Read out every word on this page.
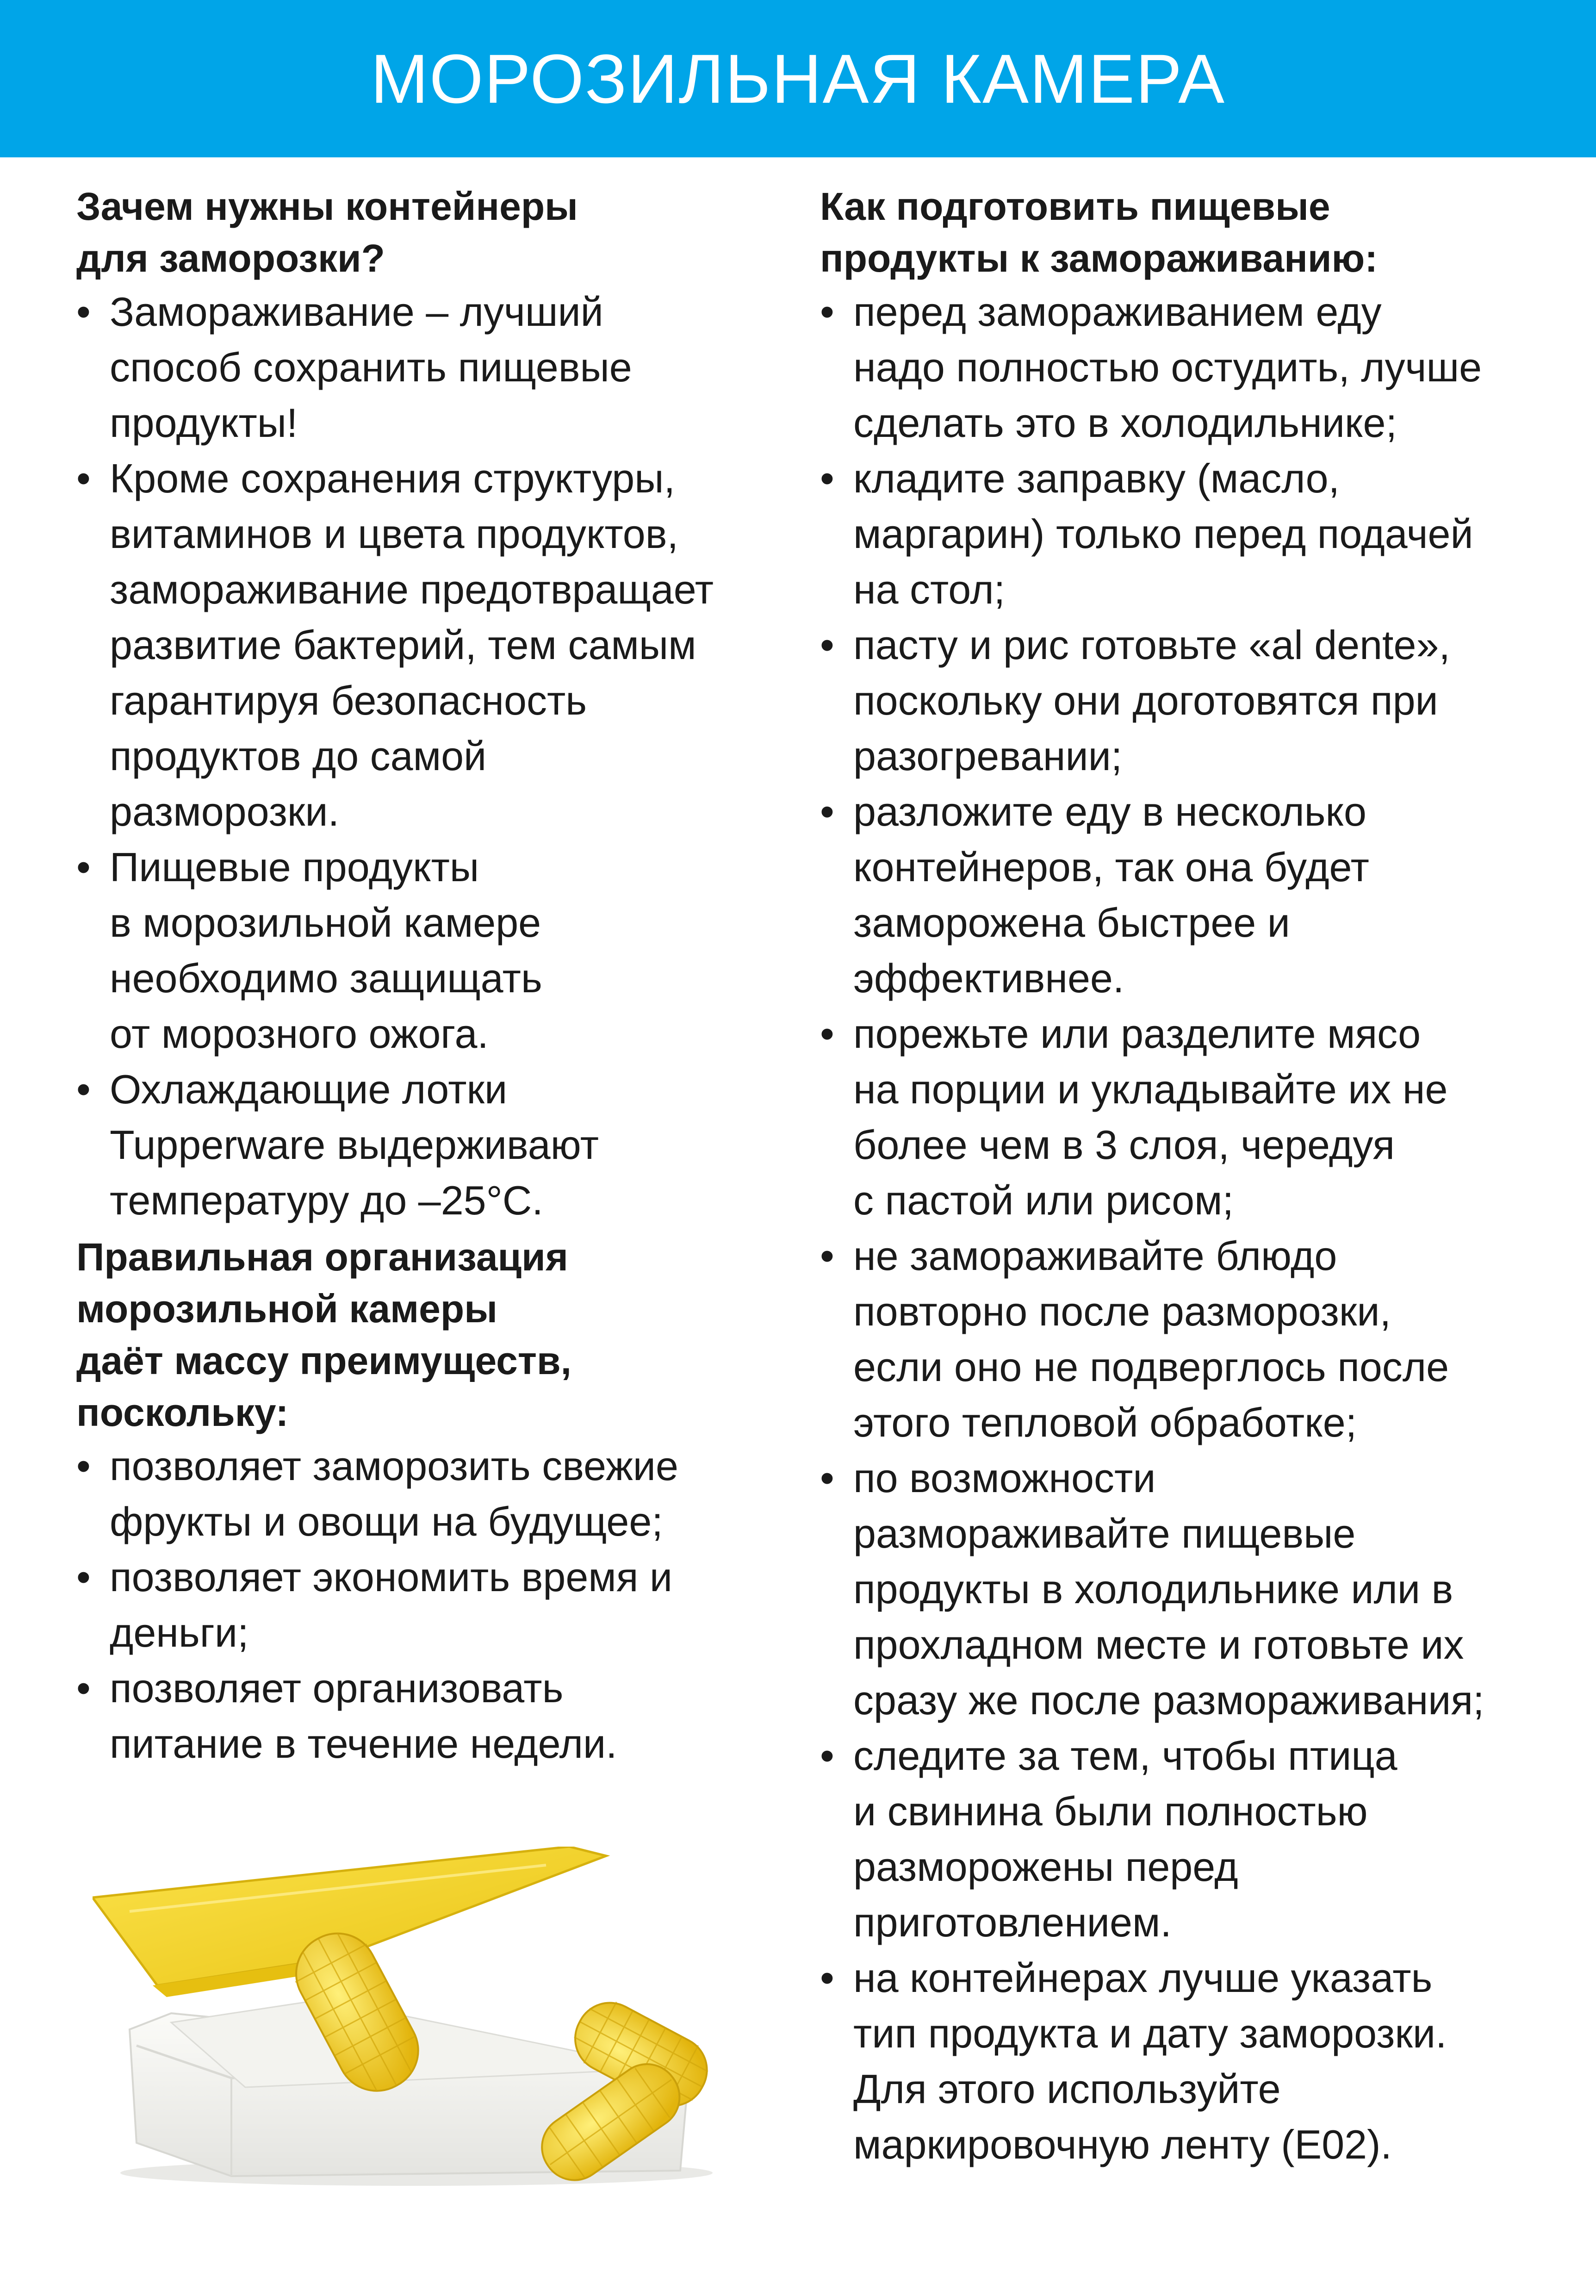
МОРОЗИЛЬНАЯ КАМЕРА
Зачем нужны контейнеры
для заморозки?
• Замораживание – лучший
способ сохранить пищевые
продукты!
• Кроме сохранения структуры,
витаминов и цвета продуктов,
замораживание предотвращает
развитие бактерий, тем самым
гарантируя безопасность
продуктов до самой
разморозки.
• Пищевые продукты
в морозильной камере
необходимо защищать
от морозного ожога.
• Охлаждающие лотки
Tupperware выдерживают
температуру до –25°С.
Правильная организация
морозильной камеры
даёт массу преимуществ,
поскольку:
• позволяет заморозить свежие
фрукты и овощи на будущее;
• позволяет экономить время и
деньги;
• позволяет организовать
питание в течение недели.
Как подготовить пищевые
продукты к замораживанию:
• перед замораживанием еду
надо полностью остудить, лучше
сделать это в холодильнике;
• кладите заправку (масло,
маргарин) только перед подачей
на стол;
• пасту и рис готовьте «al dente»,
поскольку они доготовятся при
разогревании;
• разложите еду в несколько
контейнеров, так она будет
заморожена быстрее и
эффективнее.
• порежьте или разделите мясо
на порции и укладывайте их не
более чем в 3 слоя, чередуя
с пастой или рисом;
• не замораживайте блюдо
повторно после разморозки,
если оно не подверглось после
этого тепловой обработке;
• по возможности
размораживайте пищевые
продукты в холодильнике или в
прохладном месте и готовьте их
сразу же после размораживания;
• следите за тем, чтобы птица
и свинина были полностью
разморожены перед
приготовлением.
• на контейнерах лучше указать
тип продукта и дату заморозки.
Для этого используйте
маркировочную ленту (Е02).
